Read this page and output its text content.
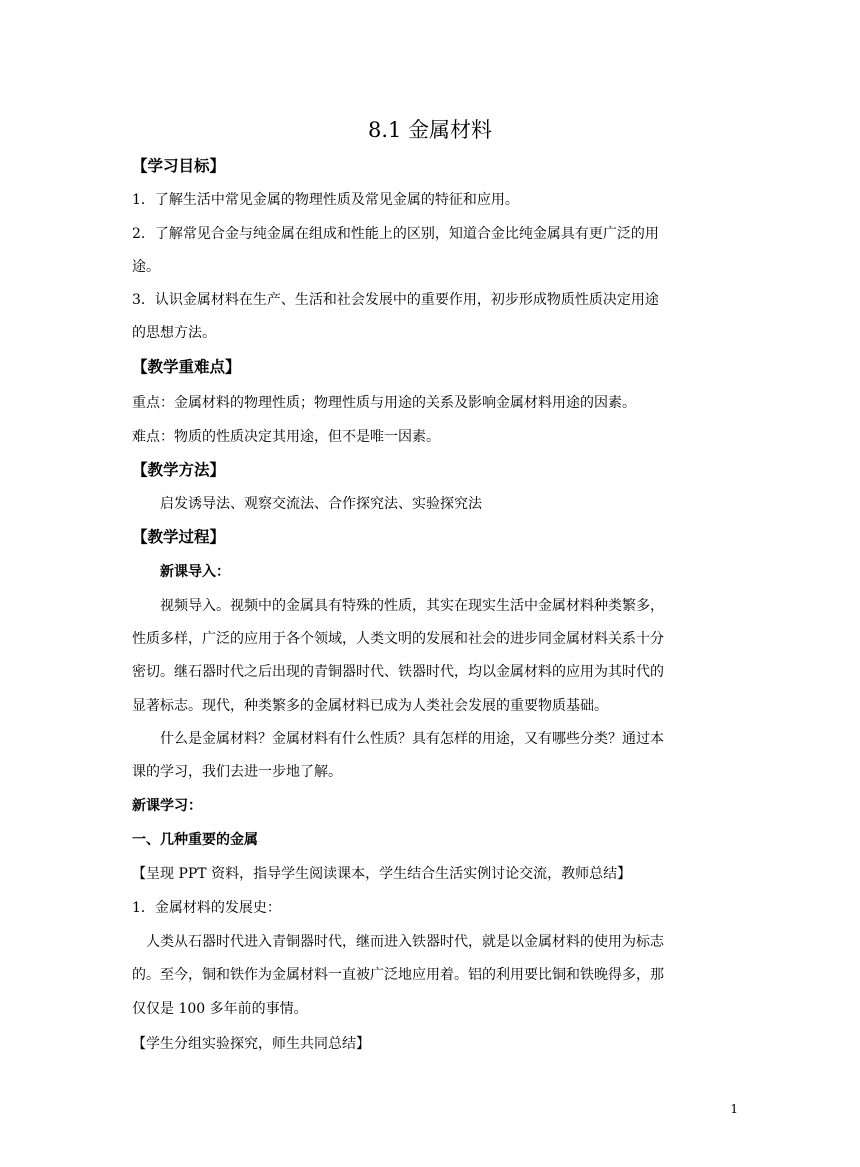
8.1 金属材料
【学习目标】
1．了解生活中常见金属的物理性质及常见金属的特征和应用。
2．了解常见合金与纯金属在组成和性能上的区别，知道合金比纯金属具有更广泛的用
途。
3．认识金属材料在生产、生活和社会发展中的重要作用，初步形成物质性质决定用途
的思想方法。
【教学重难点】
重点：金属材料的物理性质；物理性质与用途的关系及影响金属材料用途的因素。
难点：物质的性质决定其用途，但不是唯一因素。
【教学方法】
启发诱导法、观察交流法、合作探究法、实验探究法
【教学过程】
新课导入：
视频导入。视频中的金属具有特殊的性质，其实在现实生活中金属材料种类繁多，
性质多样，广泛的应用于各个领域，人类文明的发展和社会的进步同金属材料关系十分
密切。继石器时代之后出现的青铜器时代、铁器时代，均以金属材料的应用为其时代的
显著标志。现代，种类繁多的金属材料已成为人类社会发展的重要物质基础。
什么是金属材料？金属材料有什么性质？具有怎样的用途，又有哪些分类？通过本
课的学习，我们去进一步地了解。
新课学习：
一、几种重要的金属
【呈现 PPT 资料，指导学生阅读课本，学生结合生活实例讨论交流，教师总结】
1．金属材料的发展史：
人类从石器时代进入青铜器时代，继而进入铁器时代，就是以金属材料的使用为标志
的。至今，铜和铁作为金属材料一直被广泛地应用着。铝的利用要比铜和铁晚得多，那
仅仅是 100 多年前的事情。
【学生分组实验探究，师生共同总结】
1
